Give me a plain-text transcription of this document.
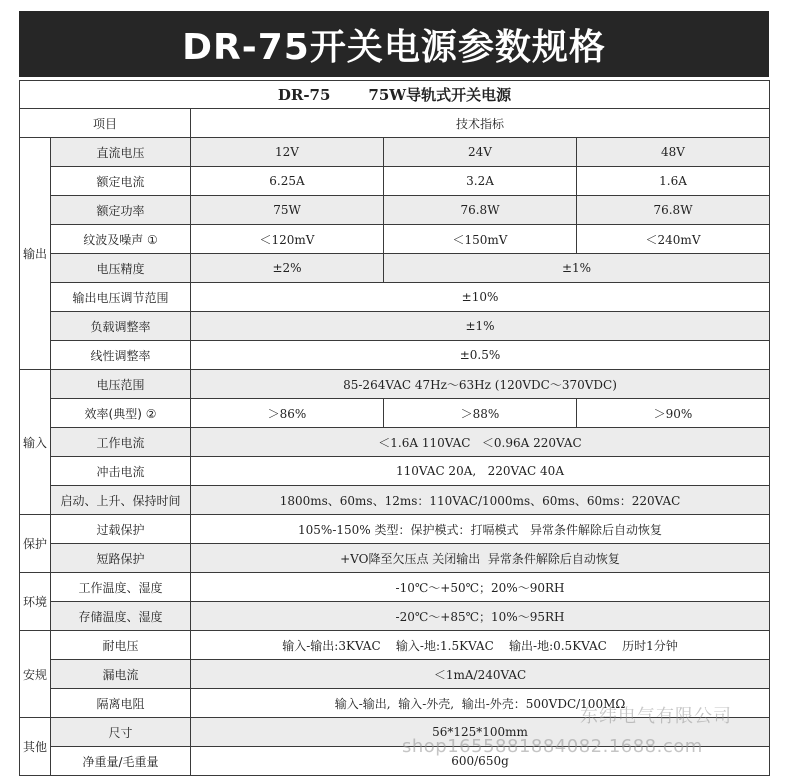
DR-75开关电源参数规格
DR-75 75W导轨式开关电源				
项目		技术指标		
输出	直流电压	12V	24V	48V
	额定电流	6.25A	3.2A	1.6A
	额定功率	75W	76.8W	76.8W
	纹波及噪声 ①	＜120mV	＜150mV	＜240mV
	电压精度	±2%	±1%	
	输出电压调节范围	±10%		
	负载调整率	±1%		
	线性调整率	±0.5%		
输入	电压范围	85-264VAC 47Hz～63Hz (120VDC～370VDC)		
	效率(典型) ②	＞86%	＞88%	＞90%
	工作电流	＜1.6A 110VAC   ＜0.96A 220VAC		
	冲击电流	110VAC 20A,   220VAC 40A		
	启动、上升、保持时间	1800ms、60ms、12ms：110VAC/1000ms、60ms、60ms：220VAC		
保护	过载保护	105%-150% 类型：保护模式：打嗝模式   异常条件解除后自动恢复		
	短路保护	+VO降至欠压点 关闭输出  异常条件解除后自动恢复		
环境	工作温度、湿度	-10℃～+50℃；20%～90RH		
	存储温度、湿度	-20℃～+85℃；10%～95RH		
安规	耐电压	输入-输出:3KVAC    输入-地:1.5KVAC    输出-地:0.5KVAC    历时1分钟		
	漏电流	＜1mA/240VAC		
	隔离电阻	输入-输出,  输入-外壳,  输出-外壳：500VDC/100MΩ		
其他	尺寸	56*125*100mm		
	净重量/毛重量	600/650g		
东纬电气有限公司
shop1655881884082.1688.com
